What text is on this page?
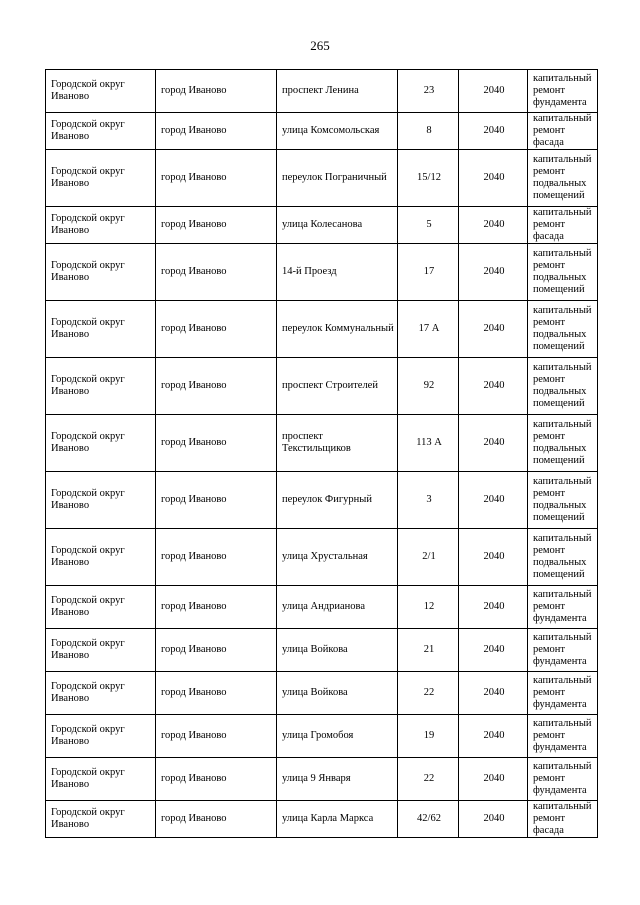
265
Городской округ Иваново	город Иваново	проспект Ленина	23	2040	капитальный ремонт фундамента
Городской округ Иваново	город Иваново	улица Комсомольская	8	2040	капитальный ремонт фасада
Городской округ Иваново	город Иваново	переулок Пограничный	15/12	2040	капитальный ремонт подвальных помещений
Городской округ Иваново	город Иваново	улица Колесанова	5	2040	капитальный ремонт фасада
Городской округ Иваново	город Иваново	14-й Проезд	17	2040	капитальный ремонт подвальных помещений
Городской округ Иваново	город Иваново	переулок Коммунальный	17 А	2040	капитальный ремонт подвальных помещений
Городской округ Иваново	город Иваново	проспект Строителей	92	2040	капитальный ремонт подвальных помещений
Городской округ Иваново	город Иваново	проспект Текстильщиков	113 А	2040	капитальный ремонт подвальных помещений
Городской округ Иваново	город Иваново	переулок Фигурный	3	2040	капитальный ремонт подвальных помещений
Городской округ Иваново	город Иваново	улица Хрустальная	2/1	2040	капитальный ремонт подвальных помещений
Городской округ Иваново	город Иваново	улица Андрианова	12	2040	капитальный ремонт фундамента
Городской округ Иваново	город Иваново	улица Войкова	21	2040	капитальный ремонт фундамента
Городской округ Иваново	город Иваново	улица Войкова	22	2040	капитальный ремонт фундамента
Городской округ Иваново	город Иваново	улица Громобоя	19	2040	капитальный ремонт фундамента
Городской округ Иваново	город Иваново	улица 9 Января	22	2040	капитальный ремонт фундамента
Городской округ Иваново	город Иваново	улица Карла Маркса	42/62	2040	капитальный ремонт фасада
